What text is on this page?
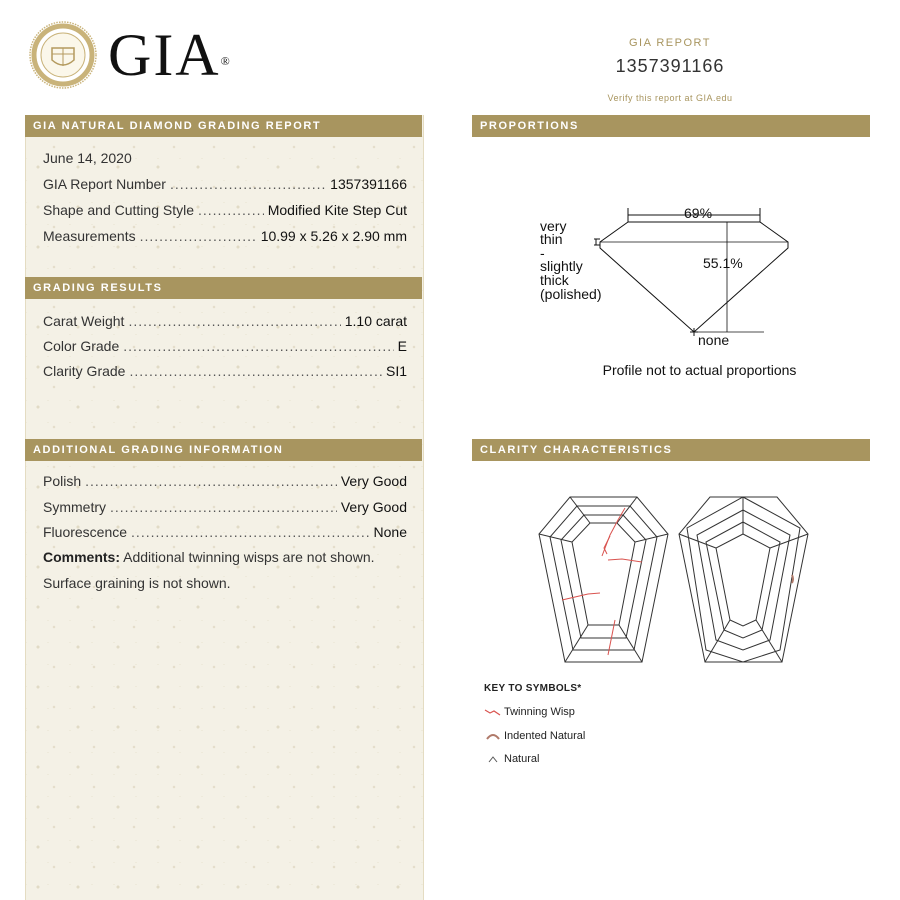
GIA®
GIA REPORT
1357391166
Verify this report at GIA.edu
GIA NATURAL DIAMOND GRADING REPORT
June 14, 2020
GIA Report Number .....	1357391166
Shape and Cutting Style .....	Modified Kite Step Cut
Measurements .....	10.99 x 5.26 x 2.90 mm
GRADING RESULTS
Carat Weight .....	1.10 carat
Color Grade .....	E
Clarity Grade .....	SI1
ADDITIONAL GRADING INFORMATION
Polish .....	Very Good
Symmetry .....	Very Good
Fluorescence .....	None
Comments: Additional twinning wisps are not shown.
Surface graining is not shown.
PROPORTIONS
69%
55.1%
very
thin
-
slightly
thick
(polished)
none
Profile not to actual proportions
CLARITY CHARACTERISTICS
KEY TO SYMBOLS*
Twinning Wisp
Indented Natural
Natural
